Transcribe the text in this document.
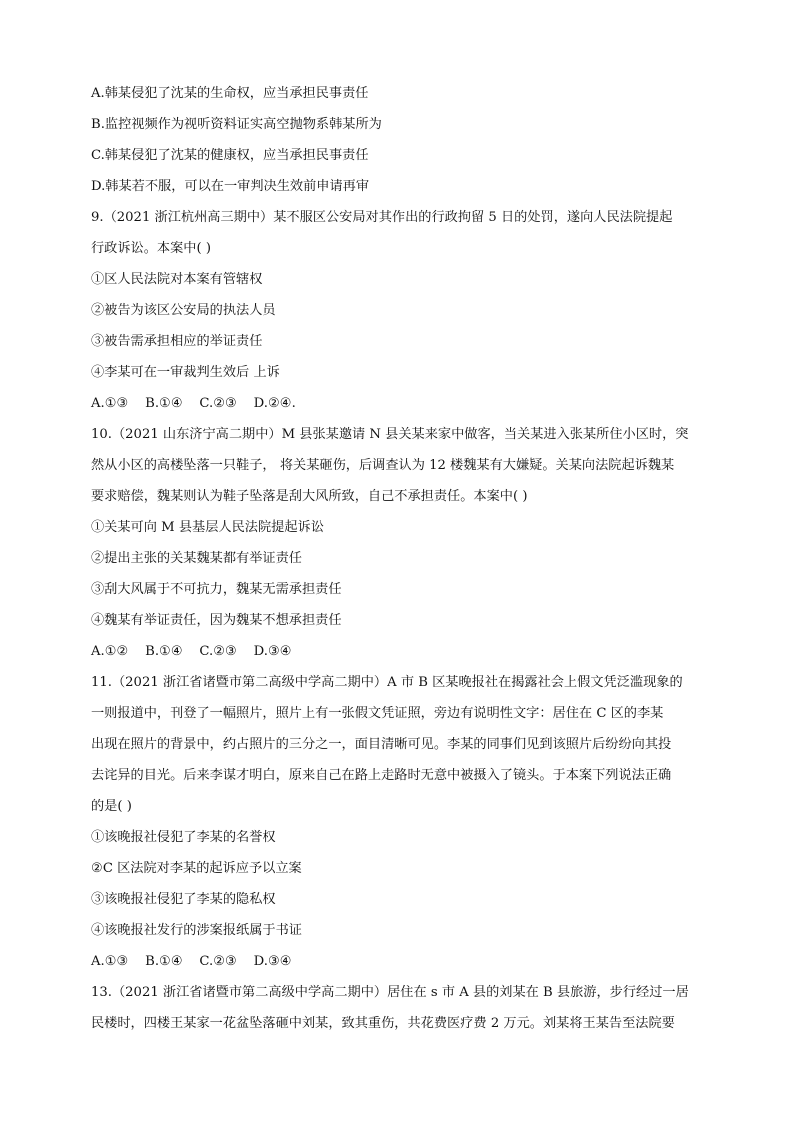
A.韩某侵犯了沈某的生命权，应当承担民事责任
B.监控视频作为视听资料证实高空抛物系韩某所为
C.韩某侵犯了沈某的健康权，应当承担民事责任
D.韩某若不服，可以在一审判决生效前申请再审
9.（2021 浙江杭州高三期中）某不服区公安局对其作出的行政拘留 5 日的处罚，遂向人民法院提起
行政诉讼。本案中( )
①区人民法院对本案有管辖权
②被告为该区公安局的执法人员
③被告需承担相应的举证责任
④李某可在一审裁判生效后 上诉
A.①③    B.①④    C.②③    D.②④.
10.（2021 山东济宁高二期中）M 县张某邀请 N 县关某来家中做客，当关某进入张某所住小区时，突
然从小区的高楼坠落一只鞋子， 将关某砸伤，后调查认为 12 楼魏某有大嫌疑。关某向法院起诉魏某
要求赔偿，魏某则认为鞋子坠落是刮大风所致，自己不承担责任。本案中( )
①关某可向 M 县基层人民法院提起诉讼
②提出主张的关某魏某都有举证责任
③刮大风属于不可抗力，魏某无需承担责任
④魏某有举证责任，因为魏某不想承担责任
A.①②    B.①④    C.②③    D.③④
11.（2021 浙江省诸暨市第二高级中学高二期中）A 市 B 区某晚报社在揭露社会上假文凭泛滥现象的
一则报道中，刊登了一幅照片，照片上有一张假文凭证照，旁边有说明性文字：居住在 C 区的李某
出现在照片的背景中，约占照片的三分之一，面目清晰可见。李某的同事们见到该照片后纷纷向其投
去诧异的目光。后来李谋才明白，原来自己在路上走路时无意中被摄入了镜头。于本案下列说法正确
的是( )
①该晚报社侵犯了李某的名誉权
②C 区法院对李某的起诉应予以立案
③该晚报社侵犯了李某的隐私权
④该晚报社发行的涉案报纸属于书证
A.①③    B.①④    C.②③    D.③④
13.（2021 浙江省诸暨市第二高级中学高二期中）居住在 s 市 A 县的刘某在 B 县旅游，步行经过一居
民楼时，四楼王某家一花盆坠落砸中刘某，致其重伤，共花费医疗费 2 万元。刘某将王某告至法院要
